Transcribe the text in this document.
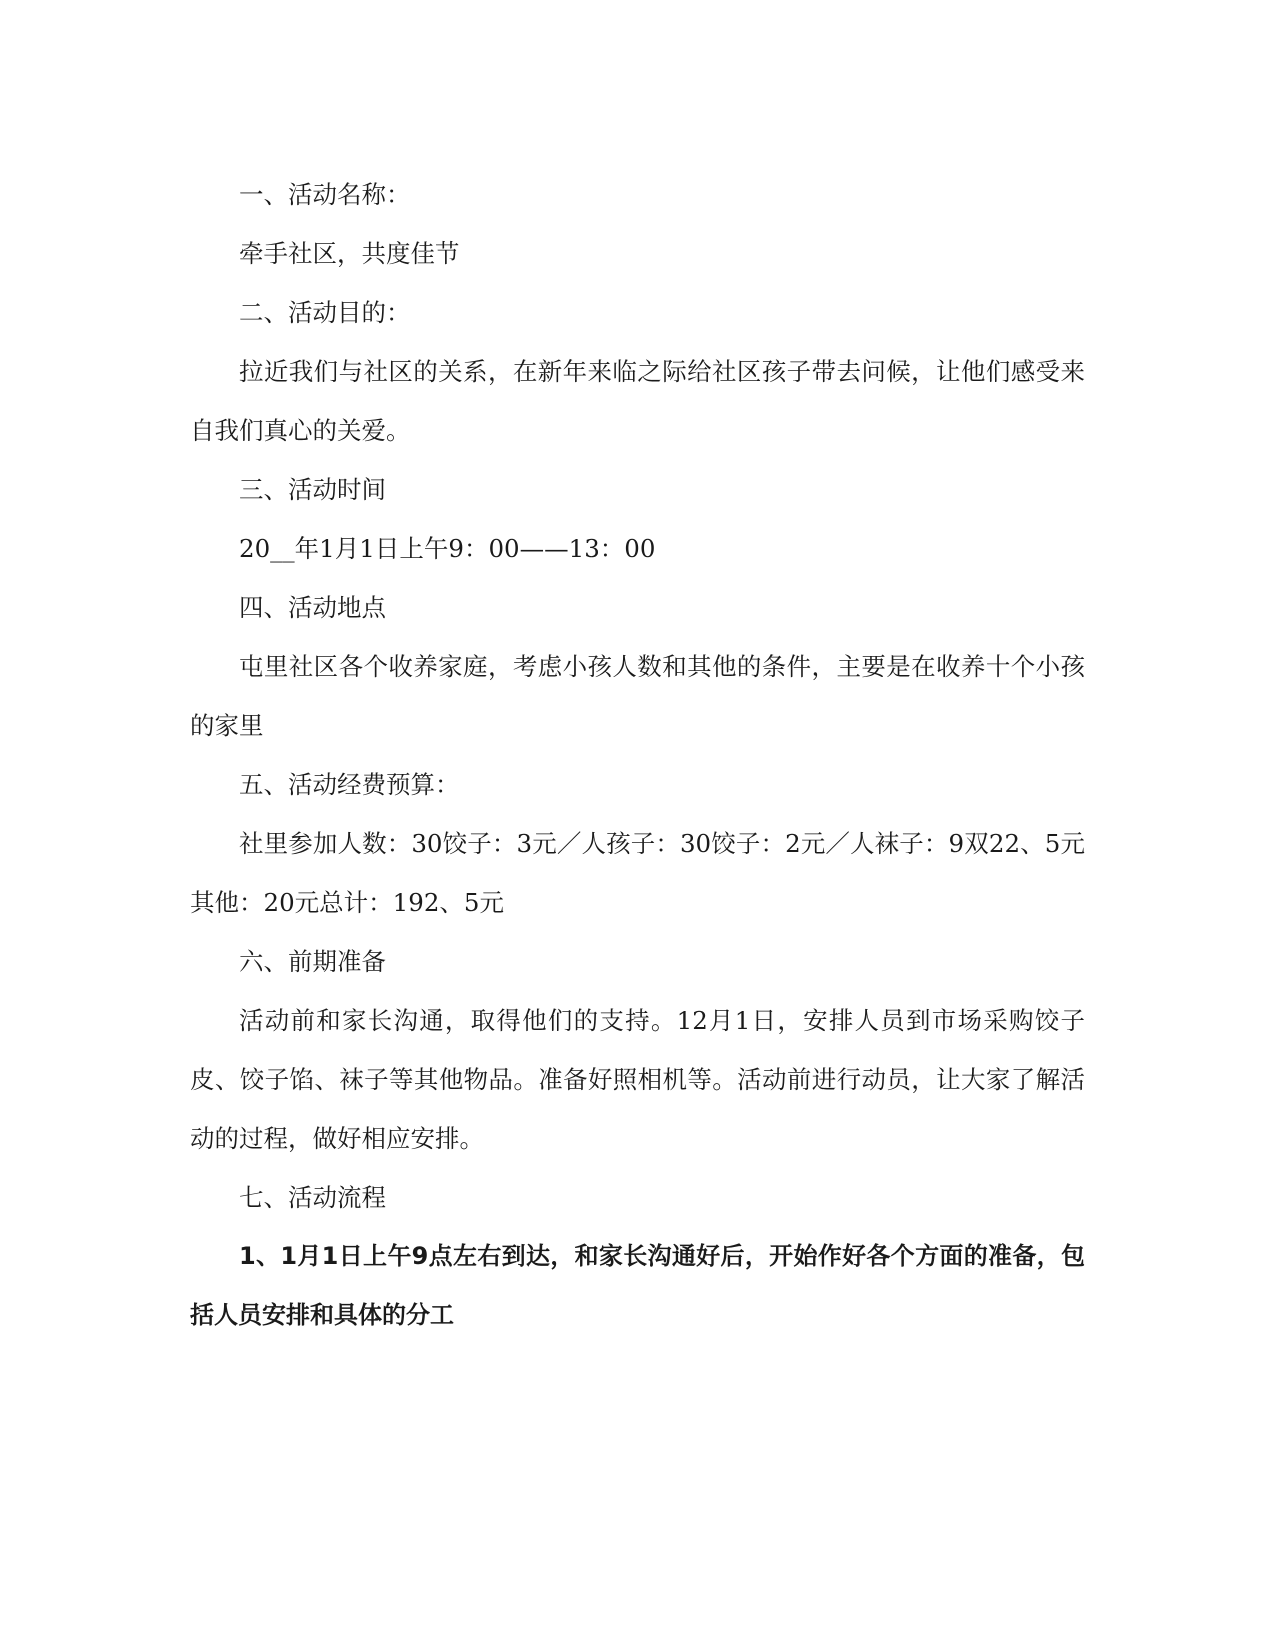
一、活动名称：

牵手社区，共度佳节

二、活动目的：

拉近我们与社区的关系，在新年来临之际给社区孩子带去问候，让他们感受来自我们真心的关爱。

三、活动时间

20__年1月1日上午9：00——13：00

四、活动地点

屯里社区各个收养家庭，考虑小孩人数和其他的条件，主要是在收养十个小孩的家里

五、活动经费预算：

社里参加人数：30饺子：3元／人孩子：30饺子：2元／人袜子：9双22、5元其他：20元总计：192、5元

六、前期准备

活动前和家长沟通，取得他们的支持。12月1日，安排人员到市场采购饺子皮、饺子馅、袜子等其他物品。准备好照相机等。活动前进行动员，让大家了解活动的过程，做好相应安排。

七、活动流程

1、1月1日上午9点左右到达，和家长沟通好后，开始作好各个方面的准备，包括人员安排和具体的分工
